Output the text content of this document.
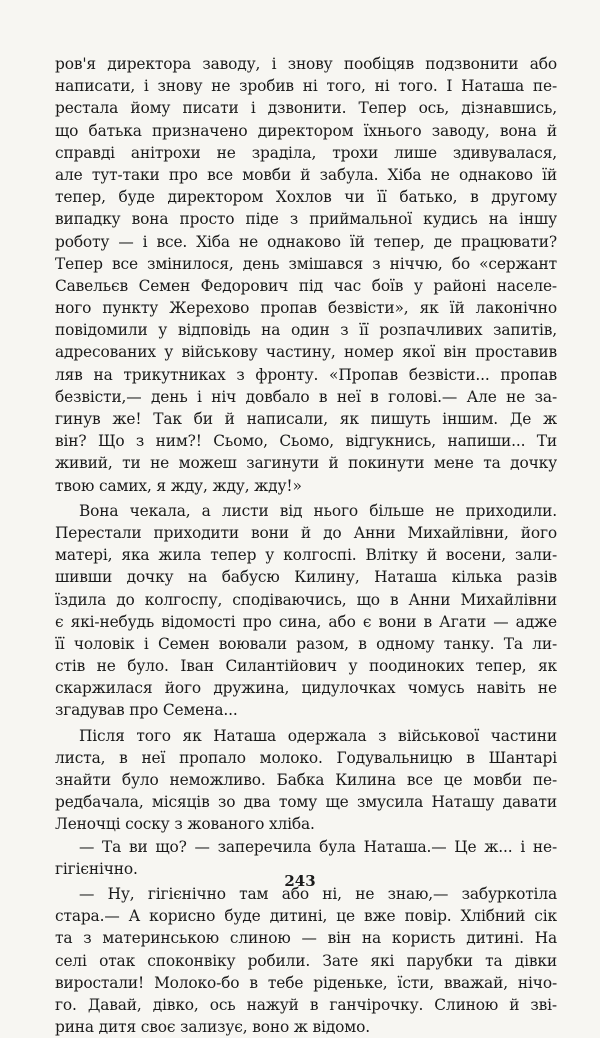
ров'я директора заводу, і знову пообіцяв подзвонити або
написати, і знову не зробив ні того, ні того. І Наташа пе-
рестала йому писати і дзвонити. Тепер ось, дізнавшись,
що батька призначено директором їхнього заводу, вона й
справді анітрохи не зрадiла, трохи лише здивувалася,
але тут-таки про все мовби й забула. Хіба не однаково їй
тепер, буде директором Хохлов чи її батько, в другому
випадку вона просто піде з приймальної кудись на іншу
роботу — і все. Хіба не однаково їй тепер, де працювати?
Тепер все змінилося, день змішався з ніччю, бо «сержант
Савельєв Семен Федорович під час боїв у районі населе-
ного пункту Жерехово пропав безвісти», як їй лаконічно
повідомили у відповідь на один з її розпачливих запитів,
адресованих у військову частину, номер якої він проставив
ляв на трикутниках з фронту. «Пропав безвісти... пропав
безвісти,— день і ніч довбало в неї в голові.— Але не за-
гинув же! Так би й написали, як пишуть іншим. Де ж
він? Що з ним?! Сьомо, Сьомо, відгукнись, напиши... Ти
живий, ти не можеш загинути й покинути мене та дочку
твою самих, я жду, жду, жду!»
Вона чекала, а листи від нього більше не приходили.
Перестали приходити вони й до Анни Михайлівни, його
матері, яка жила тепер у колгоспі. Влітку й восени, зали-
шивши дочку на бабусю Килину, Наташа кілька разів
їздила до колгоспу, сподіваючись, що в Анни Михайлівни
є які-небудь відомості про сина, або є вони в Агати — адже
її чоловік і Семен воювали разом, в одному танку. Та ли-
стів не було. Іван Силантійович у поодиноких тепер, як
скаржилася його дружина, цидулочках чомусь навіть не
згадував про Семена...
Після того як Наташа одержала з військової частини
листа, в неї пропало молоко. Годувальницю в Шантарі
знайти було неможливо. Бабка Килина все це мовби пе-
редбачала, місяців зо два тому ще змусила Наташу давати
Леночці соску з жованого хліба.
— Та ви що? — заперечила була Наташа.— Це ж... і не-
гігієнічно.
— Ну, гігієнічно там або ні, не знаю,— забуркотіла
стара.— А корисно буде дитині, це вже повір. Хлібний сік
та з материнською слиною — він на користь дитині. На
селі отак споконвіку робили. Зате які парубки та дівки
виростали! Молоко-бо в тебе ріденьке, їсти, вважай, нічо-
го. Давай, дівко, ось нажуй в ганчірочку. Слиною й зві-
рина дитя своє зализує, воно ж відомо.
243
